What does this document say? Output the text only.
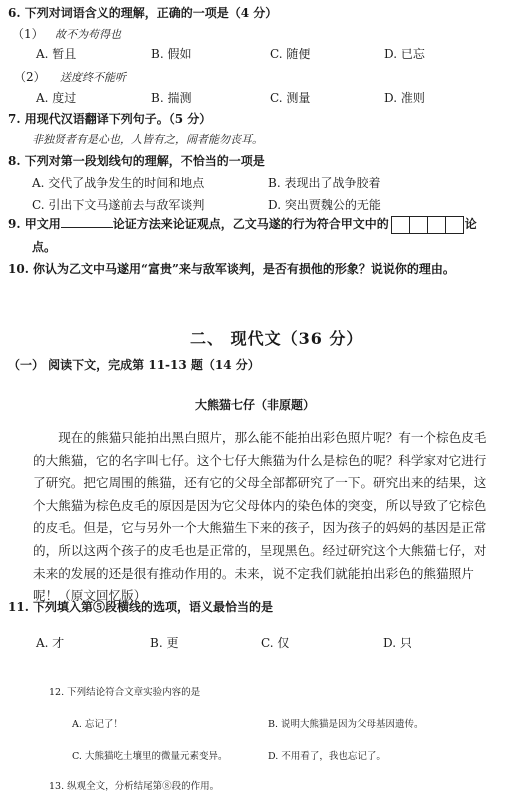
6. 下列对词语含义的理解，正确的一项是（4 分）
（1） 故不为苟得也
A. 暂且	B. 假如	C. 随便	D. 已忘
（2） 送度终不能听
A. 度过	B. 揣测	C. 测量	D. 准则
7. 用现代汉语翻译下列句子。（5 分）
非独贤者有是心也，人皆有之，闹者能勿丧耳。
8. 下列对第一段划线句的理解，不恰当的一项是
A. 交代了战争发生的时间和地点	B. 表现出了战争胶着
C. 引出下文马遂前去与敌军谈判	D. 突出贾魏公的无能
9. 甲文用	论证方法来论证观点，乙文马遂的行为符合甲文中的	论
点。
10. 你认为乙文中马遂用“富贵”来与敌军谈判，是否有损他的形象？说说你的理由。
二、 现代文（36 分）
（一） 阅读下文，完成第 11-13 题（14 分）
大熊猫七仔（非原题）
现在的熊猫只能拍出黑白照片，那么能不能拍出彩色照片呢？有一个棕色皮毛的大熊猫，它的名字叫七仔。这个七仔大熊猫为什么是棕色的呢？科学家对它进行了研究。把它周围的熊猫，还有它的父母全部都研究了一下。研究出来的结果，这个大熊猫为棕色皮毛的原因是因为它父母体内的染色体的突变，所以导致了它棕色的皮毛。但是，它与另外一个大熊猫生下来的孩子，因为孩子的妈妈的基因是正常的，所以这两个孩子的皮毛也是正常的，呈现黑色。经过研究这个大熊猫七仔，对未来的发展的还是很有推动作用的。未来，说不定我们就能拍出彩色的熊猫照片呢！（原文回忆版）
11. 下列填入第⑤段横线的选项，语义最恰当的是
A. 才	B. 更	C. 仅	D. 只
12. 下列结论符合文章实验内容的是
A. 忘记了！	B. 说明大熊猫是因为父母基因遗传。
C. 大熊猫吃土壤里的微量元素变异。	D. 不用看了，我也忘记了。
13. 纵观全文，分析结尾第⑧段的作用。
